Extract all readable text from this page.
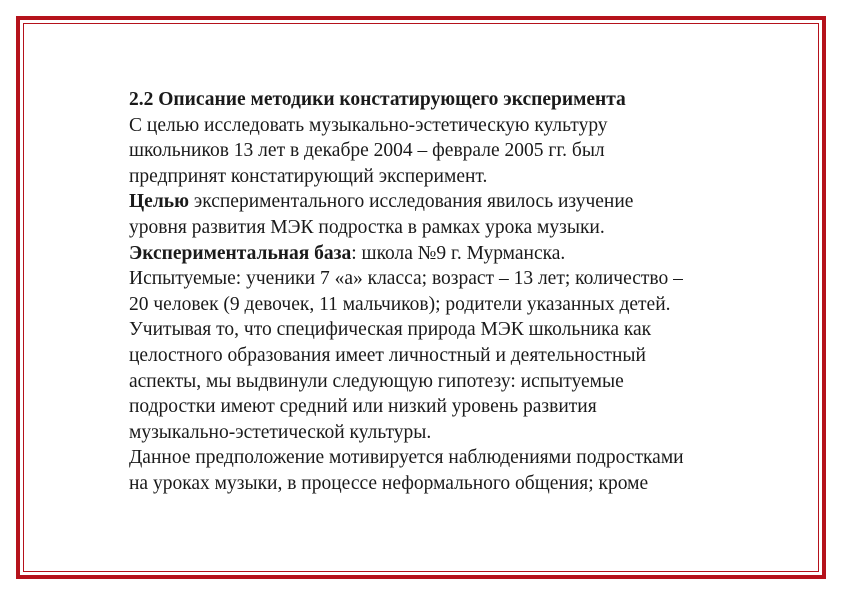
2.2 Описание методики констатирующего эксперимента
С целью исследовать музыкально-эстетическую культуру
школьников 13 лет в декабре 2004 – феврале 2005 гг. был
предпринят констатирующий эксперимент.
Целью экспериментального исследования явилось изучение
уровня развития МЭК подростка в рамках урока музыки.
Экспериментальная база: школа №9 г. Мурманска.
Испытуемые: ученики 7 «а» класса; возраст – 13 лет; количество –
20 человек (9 девочек, 11 мальчиков); родители указанных детей.
Учитывая то, что специфическая природа МЭК школьника как
целостного образования имеет личностный и деятельностный
аспекты, мы выдвинули следующую гипотезу: испытуемые
подростки имеют средний или низкий уровень развития
музыкально-эстетической культуры.
Данное предположение мотивируется наблюдениями подростками
на уроках музыки, в процессе неформального общения; кроме
